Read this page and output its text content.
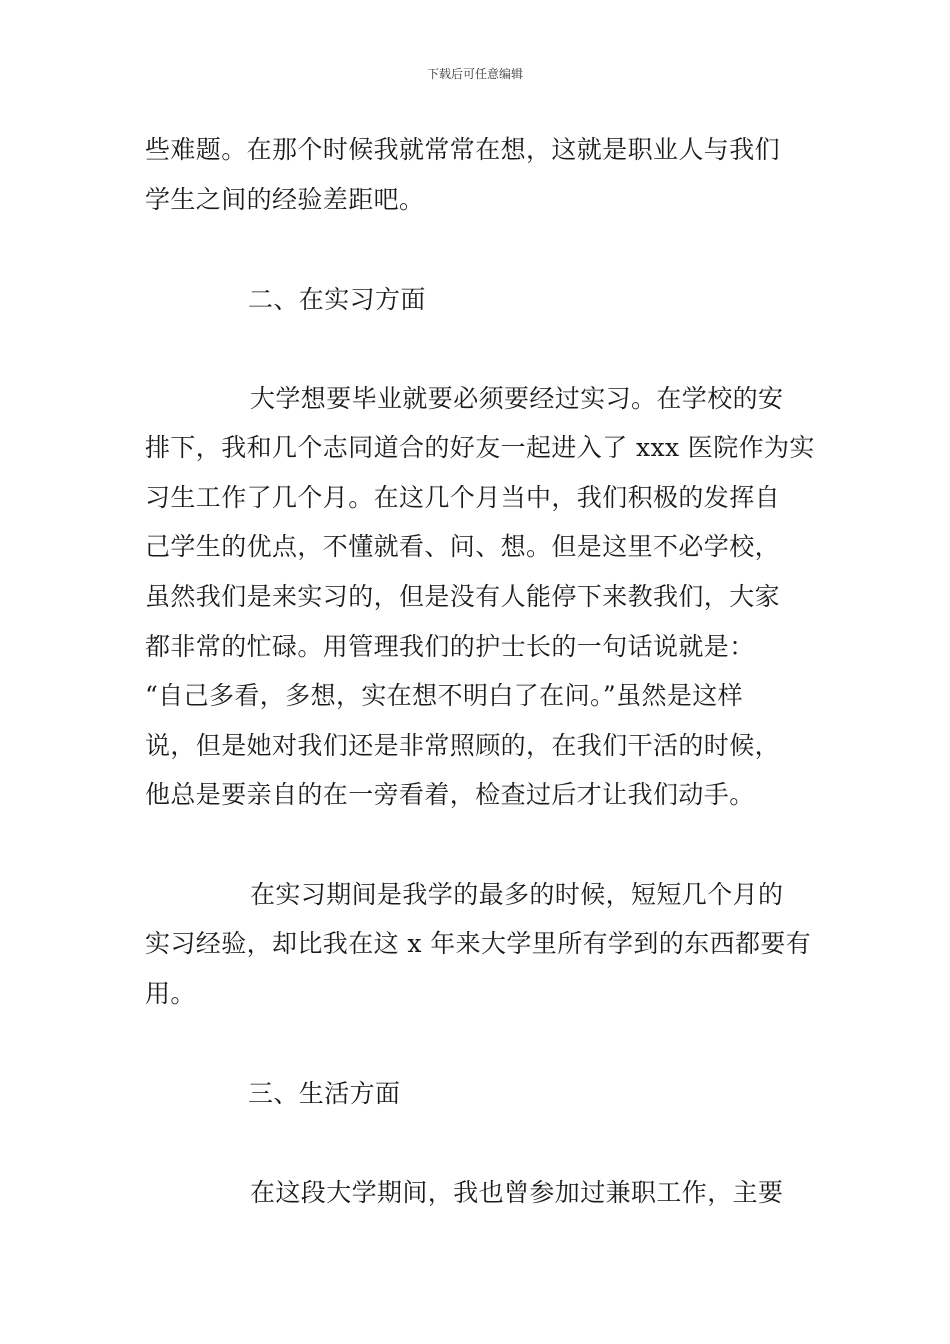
下载后可任意编辑
些难题。在那个时候我就常常在想，这就是职业人与我们
学生之间的经验差距吧。
二、在实习方面
大学想要毕业就要必须要经过实习。在学校的安
排下，我和几个志同道合的好友一起进入了 xxx 医院作为实
习生工作了几个月。在这几个月当中，我们积极的发挥自
己学生的优点，不懂就看、问、想。但是这里不必学校，
虽然我们是来实习的，但是没有人能停下来教我们，大家
都非常的忙碌。用管理我们的护士长的一句话说就是：
“自己多看，多想，实在想不明白了在问。”虽然是这样
说，但是她对我们还是非常照顾的，在我们干活的时候，
他总是要亲自的在一旁看着，检查过后才让我们动手。
在实习期间是我学的最多的时候，短短几个月的
实习经验，却比我在这 x 年来大学里所有学到的东西都要有
用。
三、生活方面
在这段大学期间，我也曾参加过兼职工作，主要
